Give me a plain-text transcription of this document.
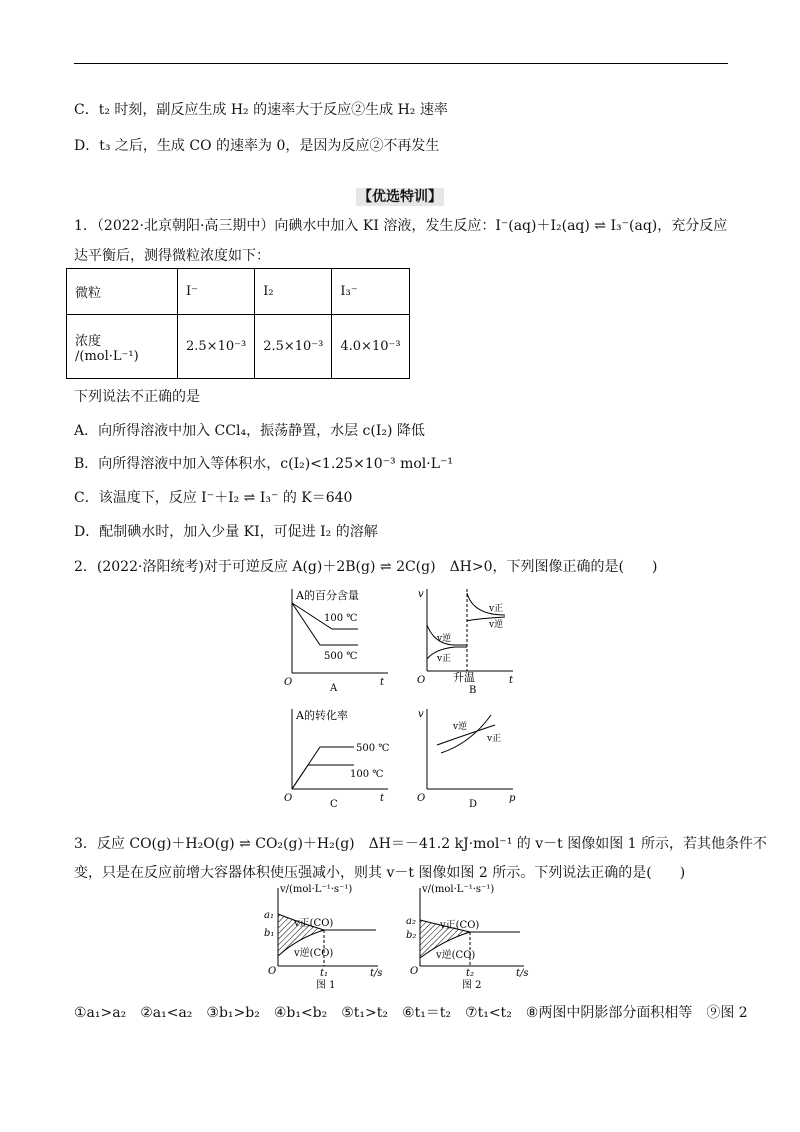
C．t₂ 时刻，副反应生成 H₂ 的速率大于反应②生成 H₂ 速率
D．t₃ 之后，生成 CO 的速率为 0，是因为反应②不再发生
【优选特训】
1．（2022·北京朝阳·高三期中）向碘水中加入 KI 溶液，发生反应：I⁻(aq)＋I₂(aq) ⇌ I₃⁻(aq)，充分反应
达平衡后，测得微粒浓度如下：
微粒	I⁻	I₂	I₃⁻

浓度
/(mol·L⁻¹)	2.5×10⁻³	2.5×10⁻³	4.0×10⁻³
下列说法不正确的是
A．向所得溶液中加入 CCl₄，振荡静置，水层 c(I₂) 降低
B．向所得溶液中加入等体积水，c(I₂)<1.25×10⁻³ mol·L⁻¹
C．该温度下，反应 I⁻＋I₂ ⇌ I₃⁻ 的 K＝640
D．配制碘水时，加入少量 KI，可促进 I₂ 的溶解
2．(2022·洛阳统考)对于可逆反应 A(g)＋2B(g) ⇌ 2C(g)　ΔH>0，下列图像正确的是(　　)
A的百分含量
100 ℃
500 ℃
O	t
A
v
v正
v逆
v逆
v正
升温
O	t
B
A的转化率
500 ℃
100 ℃
O	t
C
v
v逆
v正
O	p
D
3．反应 CO(g)＋H₂O(g) ⇌ CO₂(g)＋H₂(g)　ΔH＝－41.2 kJ·mol⁻¹ 的 v－t 图像如图 1 所示，若其他条件不
变，只是在反应前增大容器体积使压强减小，则其 v－t 图像如图 2 所示。下列说法正确的是(　　)
v/(mol·L⁻¹·s⁻¹)
a₁
b₁
v正(CO)
v逆(CO)
O	t₁	t/s
图 1
v/(mol·L⁻¹·s⁻¹)
a₂
b₂
v正(CO)
v逆(CO)
O	t₂	t/s
图 2
①a₁>a₂　②a₁<a₂　③b₁>b₂　④b₁<b₂　⑤t₁>t₂　⑥t₁＝t₂　⑦t₁<t₂　⑧两图中阴影部分面积相等　⑨图 2
